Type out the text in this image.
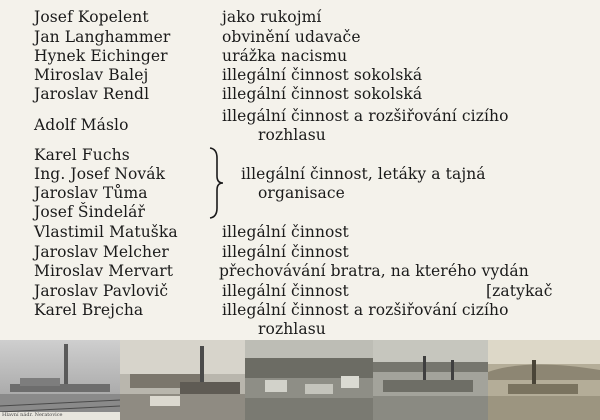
Josef Kopelent
Jan Langhammer
Hynek Eichinger
Miroslav Balej
Jaroslav Rendl
Adolf Máslo
Karel Fuchs
Ing. Josef Novák
Jaroslav Tůma
Josef Šindelář
Vlastimil Matuška
Jaroslav Melcher
Miroslav Mervart
Jaroslav Pavlovič
Karel Brejcha
jako rukojmí
obvinění udavače
urážka nacismu
illegální činnost sokolská
illegální činnost sokolská
illegální činnost a rozšiřování cizího
rozhlasu
illegální činnost, letáky a tajná
organisace
illegální činnost
illegální činnost
přechovávání bratra, na kterého vydán
[zatykač
illegální činnost
illegální činnost a rozšiřování cizího
rozhlasu
Hlavní nádr. Neratovice
